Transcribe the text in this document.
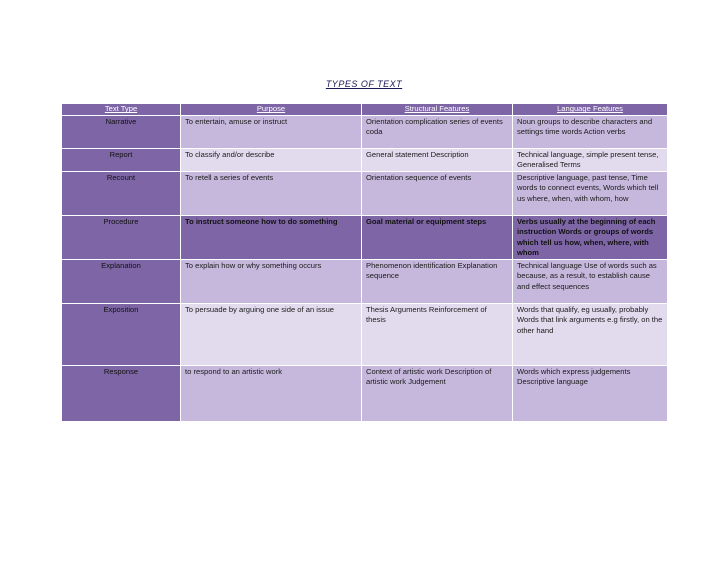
TYPES OF TEXT
Text Type	Purpose	Structural Features	Language Features
Narrative	To entertain, amuse or instruct	Orientation complication series of events coda	Noun groups to describe characters and settings time words Action verbs
Report	To classify and/or describe	General statement Description	Technical language, simple present tense, Generalised Terms
Recount	To retell a series of events	Orientation sequence of events	Descriptive language, past tense, Time words to connect events, Words which tell us where, when, with whom, how
Procedure	To instruct someone how to do something	Goal material or equipment steps	Verbs usually at the beginning of each instruction Words or groups of words which tell us how, when, where, with whom
Explanation	To explain how or why something occurs	Phenomenon identification Explanation sequence	Technical language Use of words such as because, as a result, to establish cause and effect sequences
Exposition	To persuade by arguing one side of an issue	Thesis Arguments Reinforcement of thesis	Words that qualify, eg usually, probably Words that link arguments e.g firstly, on the other hand
Response	to respond to an artistic work	Context of artistic work Description of artistic work Judgement	Words which express judgements Descriptive language
